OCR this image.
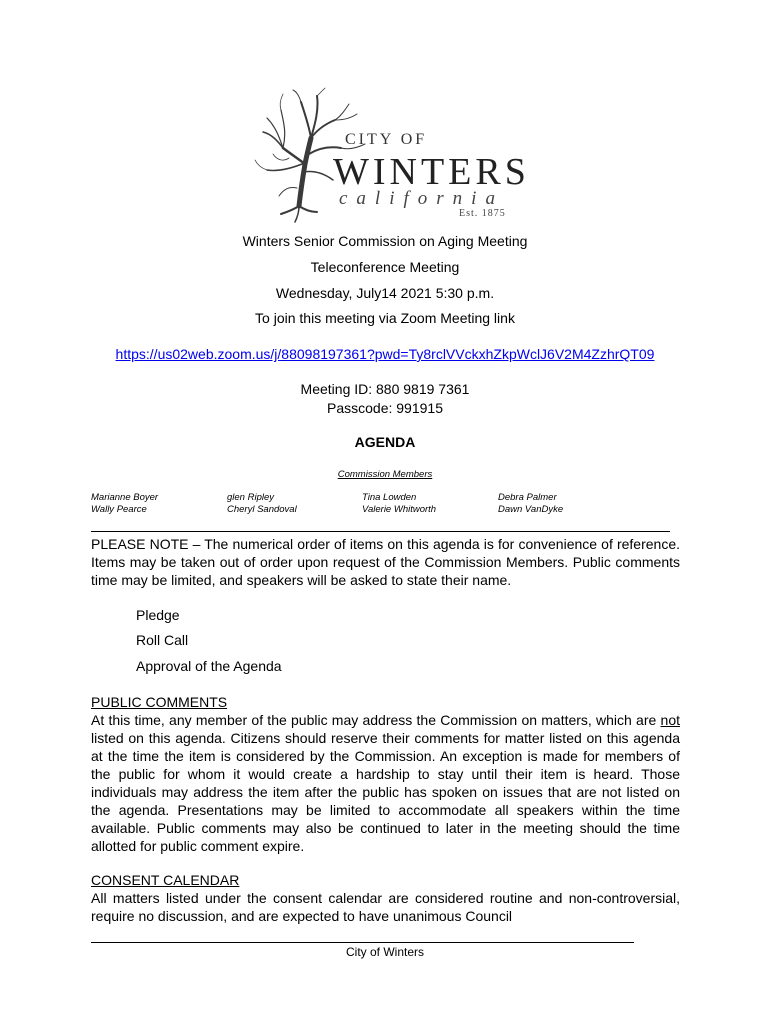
CITY OF
WINTERS
california
Est. 1875
Winters Senior Commission on Aging Meeting
Teleconference Meeting
Wednesday, July14 2021 5:30 p.m.
To join this meeting via Zoom Meeting link
https://us02web.zoom.us/j/88098197361?pwd=Ty8rclVVckxhZkpWclJ6V2M4ZzhrQT09
Meeting ID: 880 9819 7361
Passcode: 991915
AGENDA
Commission Members
Marianne Boyer
Wally Pearce
glen Ripley
Cheryl Sandoval
Tina Lowden
Valerie Whitworth
Debra Palmer
Dawn VanDyke
PLEASE NOTE – The numerical order of items on this agenda is for convenience of reference. Items may be taken out of order upon request of the Commission Members. Public comments time may be limited, and speakers will be asked to state their name.
Pledge
Roll Call
Approval of the Agenda
PUBLIC COMMENTS
At this time, any member of the public may address the Commission on matters, which are not listed on this agenda. Citizens should reserve their comments for matter listed on this agenda at the time the item is considered by the Commission. An exception is made for members of the public for whom it would create a hardship to stay until their item is heard. Those individuals may address the item after the public has spoken on issues that are not listed on the agenda. Presentations may be limited to accommodate all speakers within the time available. Public comments may also be continued to later in the meeting should the time allotted for public comment expire.
CONSENT CALENDAR
All matters listed under the consent calendar are considered routine and non-controversial, require no discussion, and are expected to have unanimous Council
City of Winters
